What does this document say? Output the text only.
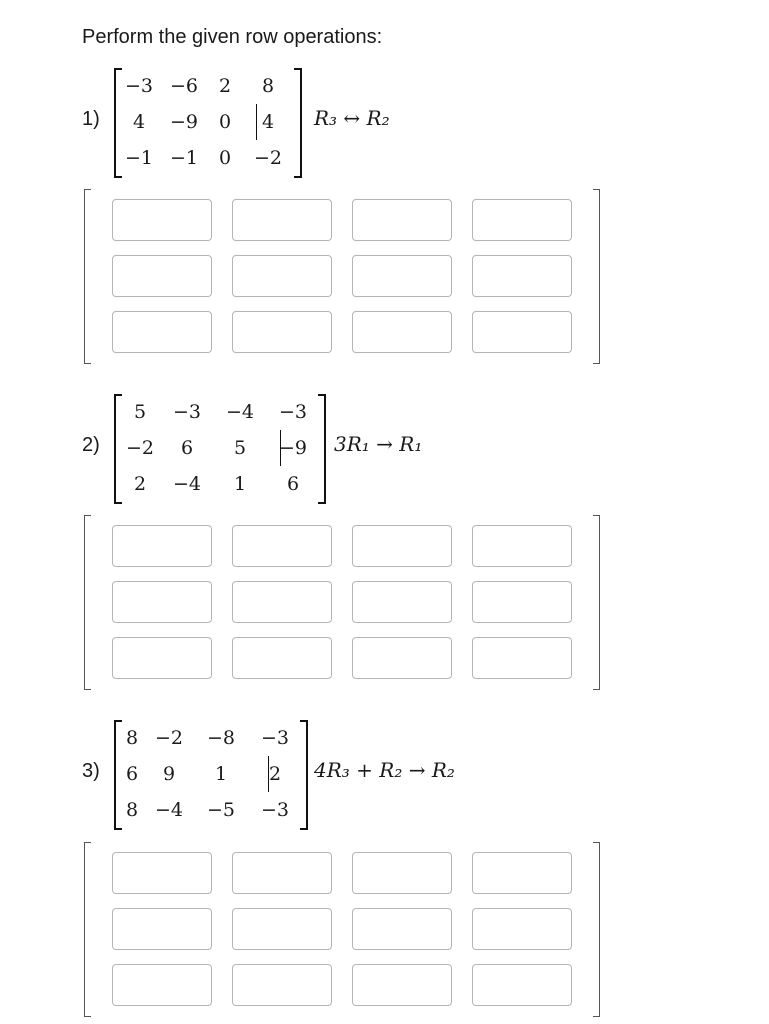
Perform the given row operations:
1)
−3	−6	2	8
4	−9	0	4
−1	−1	0	−2
R₃ ↔ R₂
2)
5	−3	−4	−3
−2	6	5	−9
2	−4	1	6
3R₁ → R₁
3)
8	−2	−8	−3
6	9	1	2
8	−4	−5	−3
4R₃ + R₂ → R₂
